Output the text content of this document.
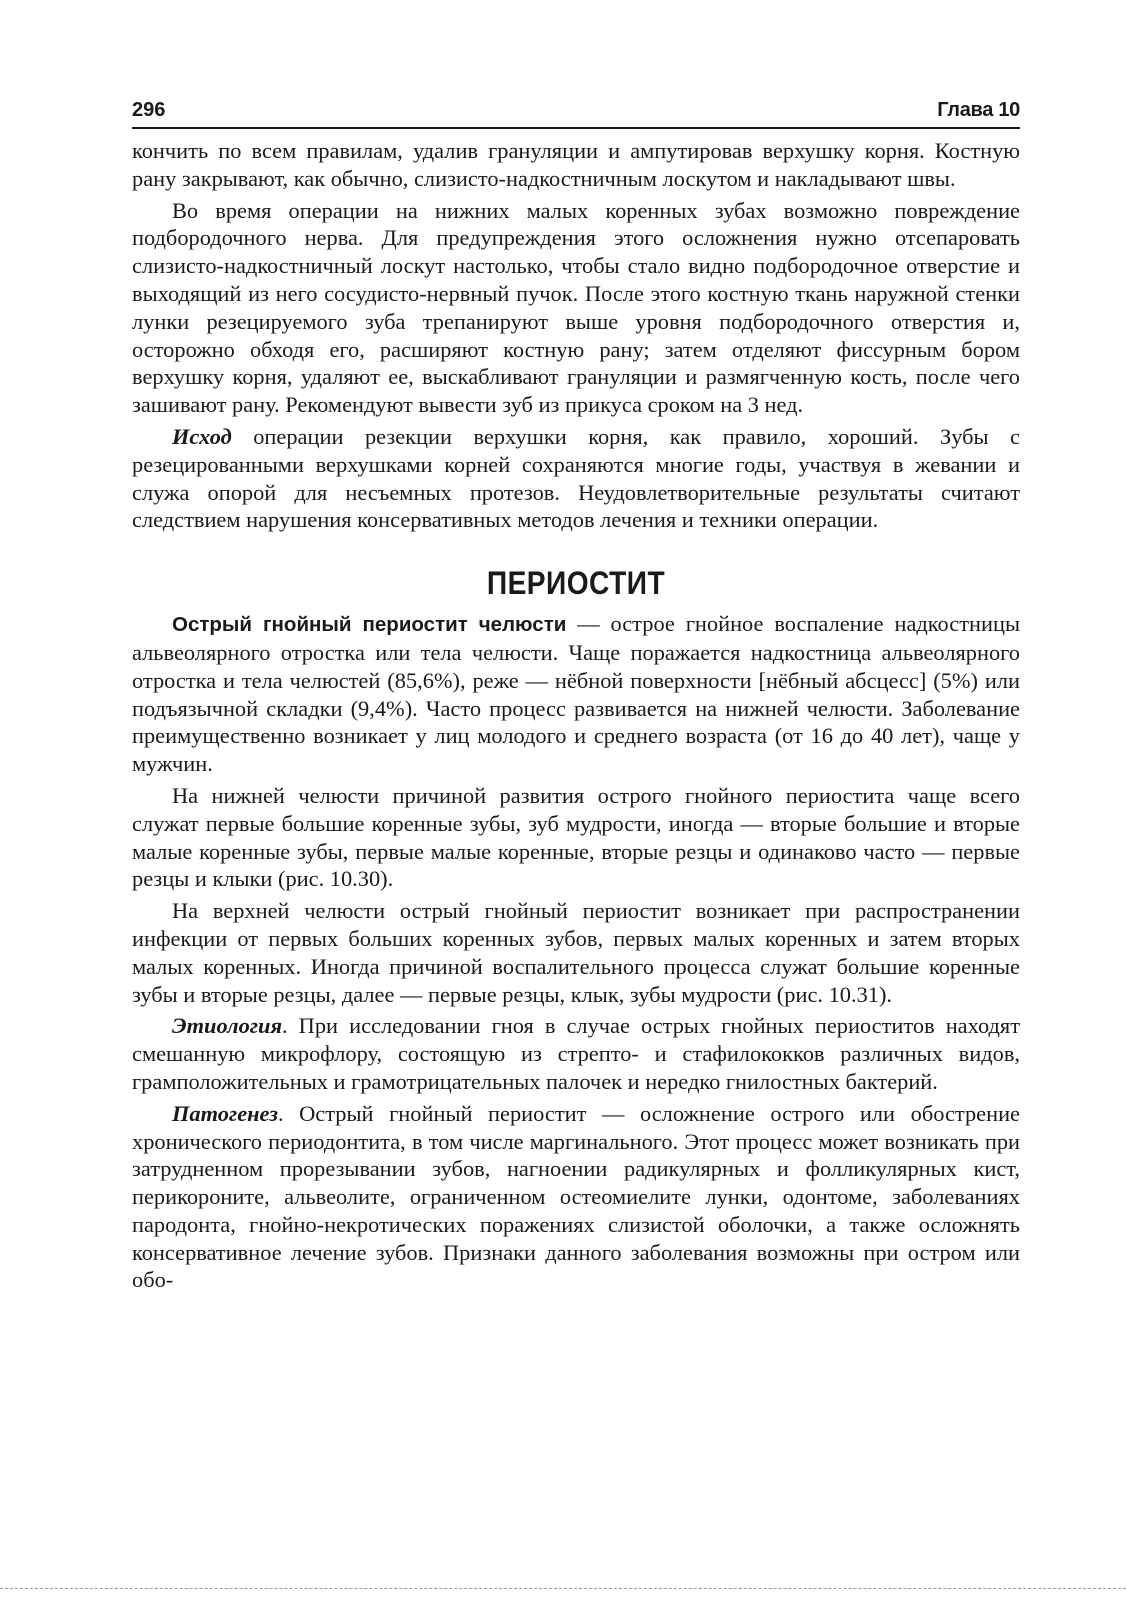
296	Глава 10

кончить по всем правилам, удалив грануляции и ампутировав верхушку корня. Костную рану закрывают, как обычно, слизисто-надкостничным лоскутом и накладывают швы.

Во время операции на нижних малых коренных зубах возможно повреждение подбородочного нерва. Для предупреждения этого осложнения нужно отсепаровать слизисто-надкостничный лоскут настолько, чтобы стало видно подбородочное отверстие и выходящий из него сосудисто-нервный пучок. После этого костную ткань наружной стенки лунки резецируемого зуба трепанируют выше уровня подбородочного отверстия и, осторожно обходя его, расширяют костную рану; затем отделяют фиссурным бором верхушку корня, удаляют ее, выскабливают грануляции и размягченную кость, после чего зашивают рану. Рекомендуют вывести зуб из прикуса сроком на 3 нед.

Исход операции резекции верхушки корня, как правило, хороший. Зубы с резецированными верхушками корней сохраняются многие годы, участвуя в жевании и служа опорой для несъемных протезов. Неудовлетворительные результаты считают следствием нарушения консервативных методов лечения и техники операции.

ПЕРИОСТИТ

Острый гнойный периостит челюсти — острое гнойное воспаление надкостницы альвеолярного отростка или тела челюсти. Чаще поражается надкостница альвеолярного отростка и тела челюстей (85,6%), реже — нёбной поверхности [нёбный абсцесс] (5%) или подъязычной складки (9,4%). Часто процесс развивается на нижней челюсти. Заболевание преимущественно возникает у лиц молодого и среднего возраста (от 16 до 40 лет), чаще у мужчин.

На нижней челюсти причиной развития острого гнойного периостита чаще всего служат первые большие коренные зубы, зуб мудрости, иногда — вторые большие и вторые малые коренные зубы, первые малые коренные, вторые резцы и одинаково часто — первые резцы и клыки (рис. 10.30).

На верхней челюсти острый гнойный периостит возникает при распространении инфекции от первых больших коренных зубов, первых малых коренных и затем вторых малых коренных. Иногда причиной воспалительного процесса служат большие коренные зубы и вторые резцы, далее — первые резцы, клык, зубы мудрости (рис. 10.31).

Этиология. При исследовании гноя в случае острых гнойных периоститов находят смешанную микрофлору, состоящую из стрепто- и стафилококков различных видов, грамположительных и грамотрицательных палочек и нередко гнилостных бактерий.

Патогенез. Острый гнойный периостит — осложнение острого или обострение хронического периодонтита, в том числе маргинального. Этот процесс может возникать при затрудненном прорезывании зубов, нагноении радикулярных и фолликулярных кист, перикороните, альвеолите, ограниченном остеомиелите лунки, одонтоме, заболеваниях пародонта, гнойно-некротических поражениях слизистой оболочки, а также осложнять консервативное лечение зубов. Признаки данного заболевания возможны при остром или обо-
